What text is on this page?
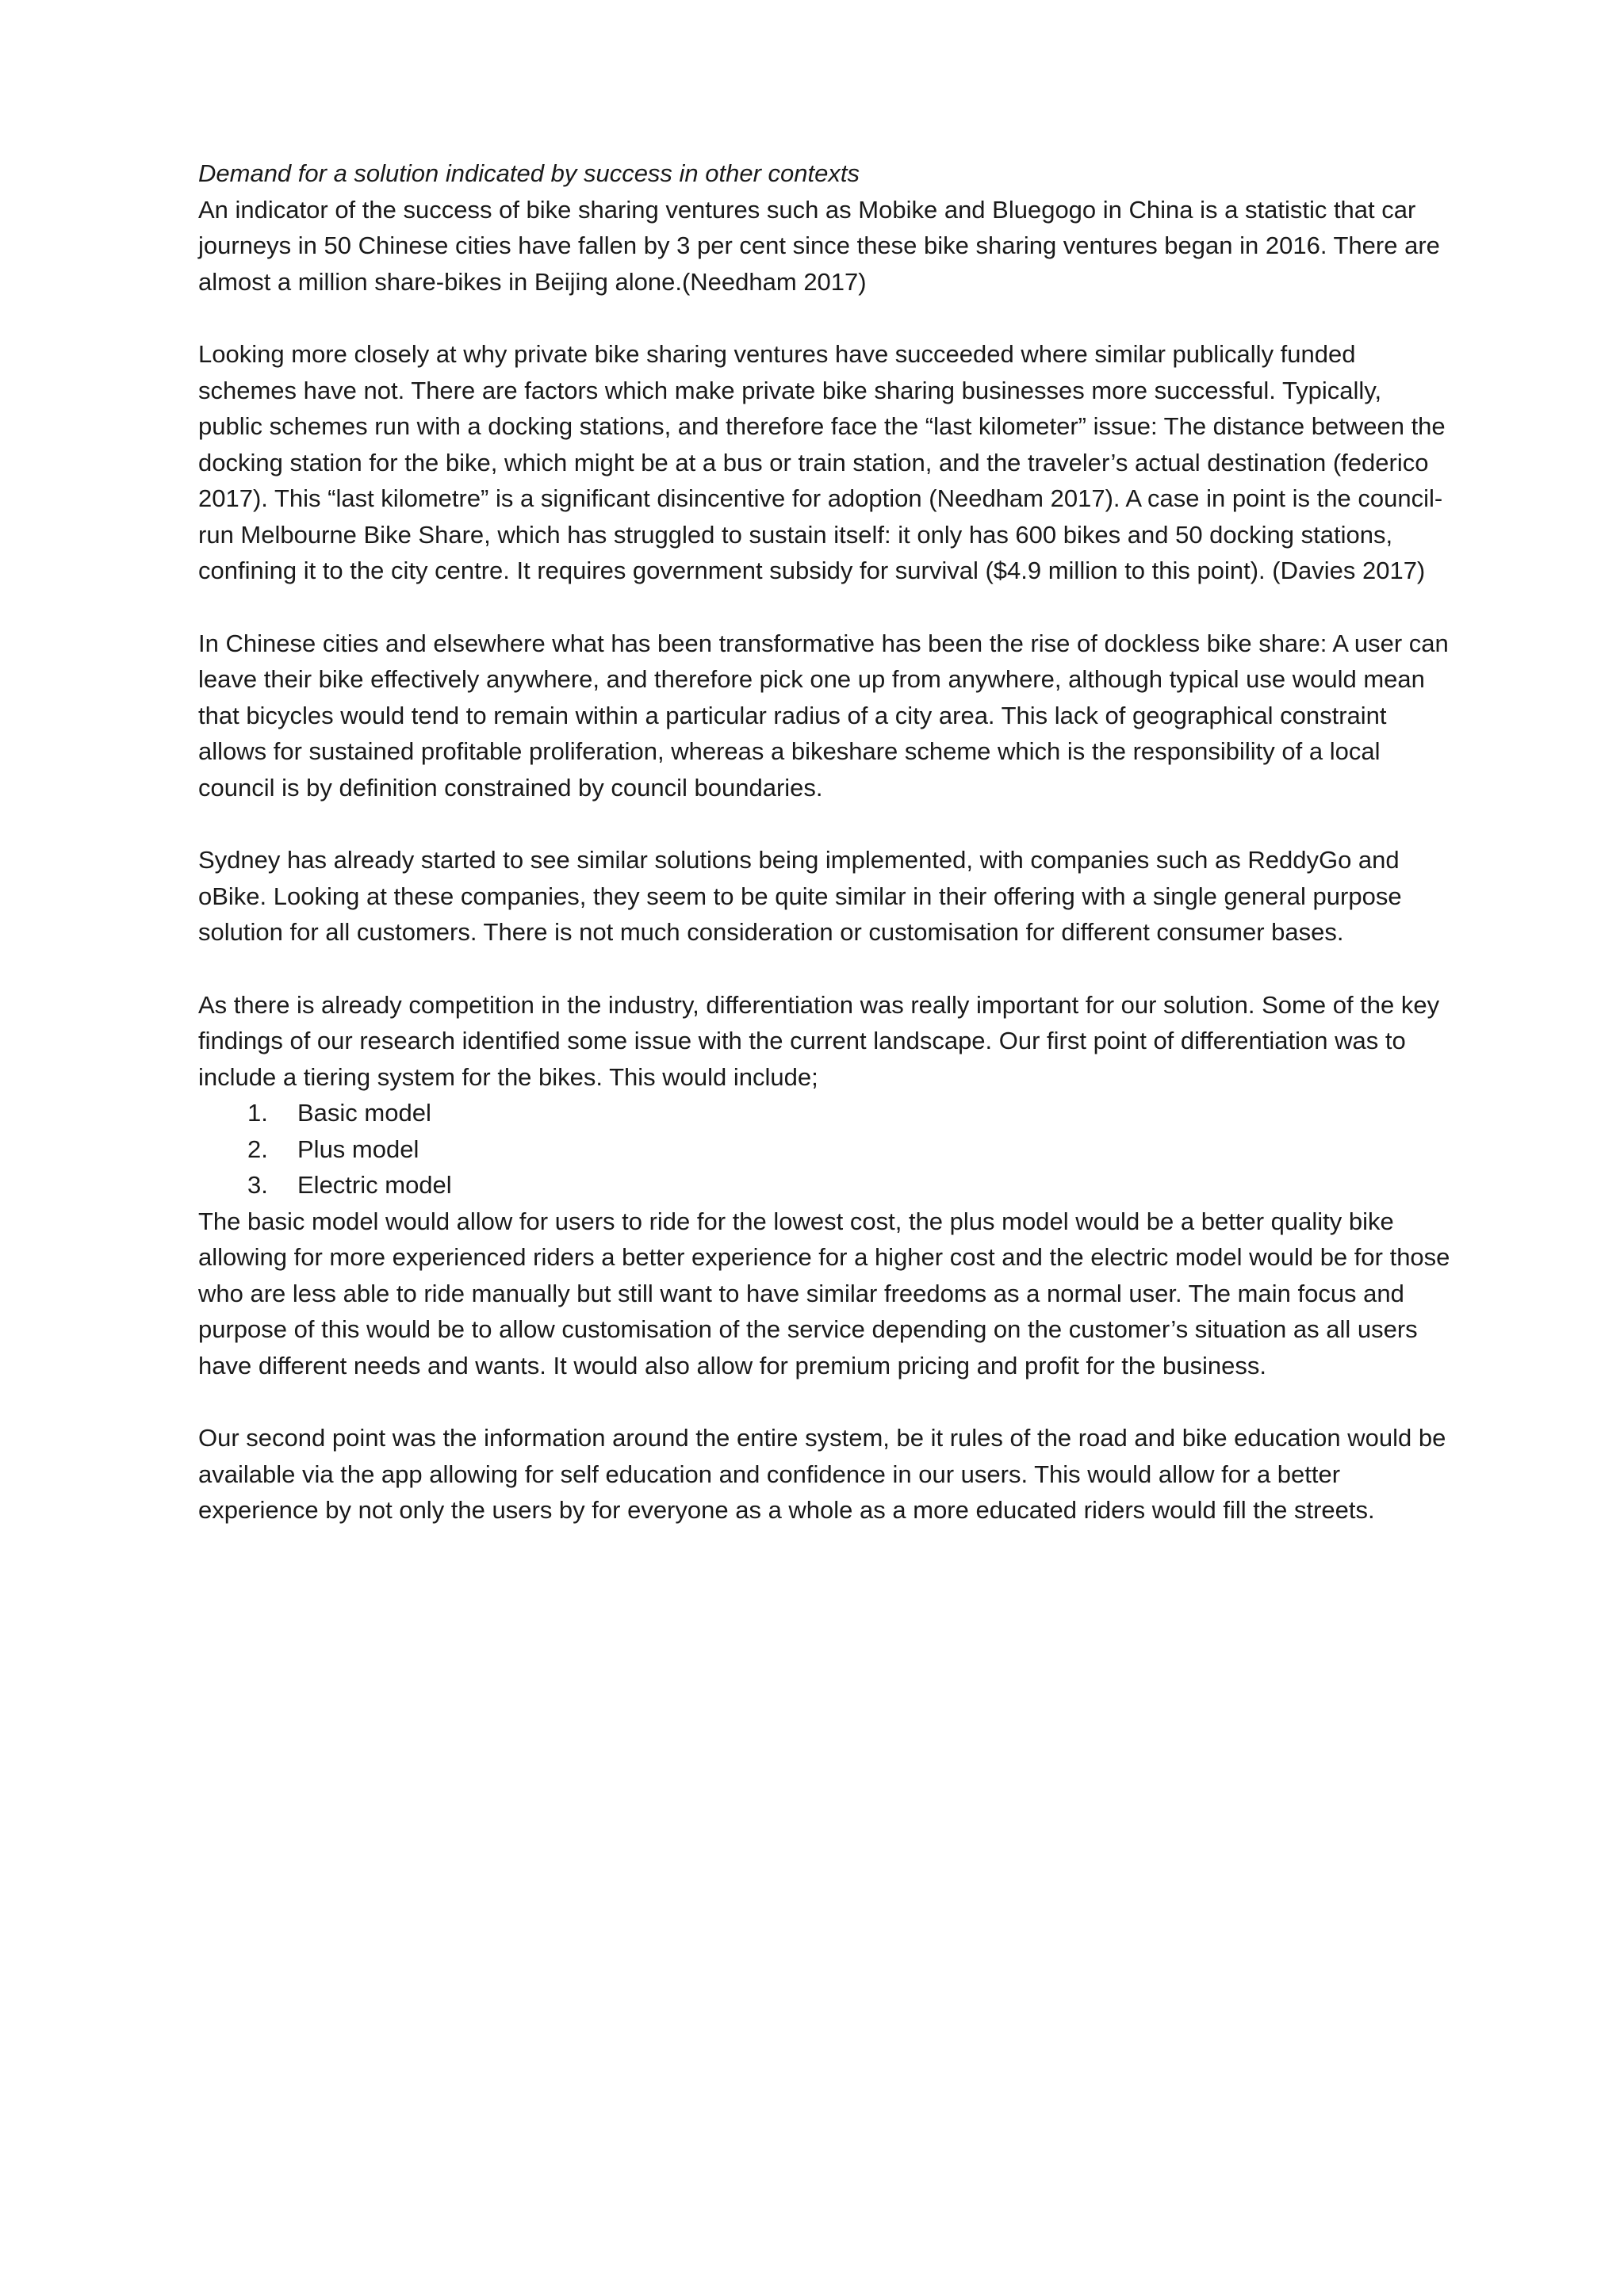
Demand for a solution indicated by success in other contexts

An indicator of the success of bike sharing ventures such as Mobike and Bluegogo in China is a statistic that car journeys in 50 Chinese cities have fallen by 3 per cent since these bike sharing ventures began in 2016. There are almost a million share-bikes in Beijing alone.(Needham 2017)

Looking more closely at why private bike sharing ventures have succeeded where similar publically funded schemes have not. There are factors which make private bike sharing businesses more successful. Typically, public schemes run with a docking stations, and therefore face the “last kilometer” issue: The distance between the docking station for the bike, which might be at a bus or train station, and the traveler’s actual destination (federico 2017). This “last kilometre” is a significant disincentive for adoption (Needham 2017). A case in point is the council-run Melbourne Bike Share, which has struggled to sustain itself: it only has 600 bikes and 50 docking stations, confining it to the city centre. It requires government subsidy for survival ($4.9 million to this point). (Davies 2017)

In Chinese cities and elsewhere what has been transformative has been the rise of dockless bike share: A user can leave their bike effectively anywhere, and therefore pick one up from anywhere, although typical use would mean that bicycles would tend to remain within a particular radius of a city area. This lack of geographical constraint allows for sustained profitable proliferation, whereas a bikeshare scheme which is the responsibility of a local council is by definition constrained by council boundaries.

Sydney has already started to see similar solutions being implemented, with companies such as ReddyGo and oBike. Looking at these companies, they seem to be quite similar in their offering with a single general purpose solution for all customers. There is not much consideration or customisation for different consumer bases.

As there is already competition in the industry, differentiation was really important for our solution. Some of the key findings of our research identified some issue with the current landscape. Our first point of differentiation was to include a tiering system for the bikes. This would include;

1.	Basic model
2.	Plus model
3.	Electric model

The basic model would allow for users to ride for the lowest cost, the plus model would be a better quality bike allowing for more experienced riders a better experience for a higher cost and the electric model would be for those who are less able to ride manually but still want to have similar freedoms as a normal user. The main focus and purpose of this would be to allow customisation of the service depending on the customer’s situation as all users have different needs and wants. It would also allow for premium pricing and profit for the business.

Our second point was the information around the entire system, be it rules of the road and bike education would be available via the app allowing for self education and confidence in our users. This would allow for a better experience by not only the users by for everyone as a whole as a more educated riders would fill the streets.
